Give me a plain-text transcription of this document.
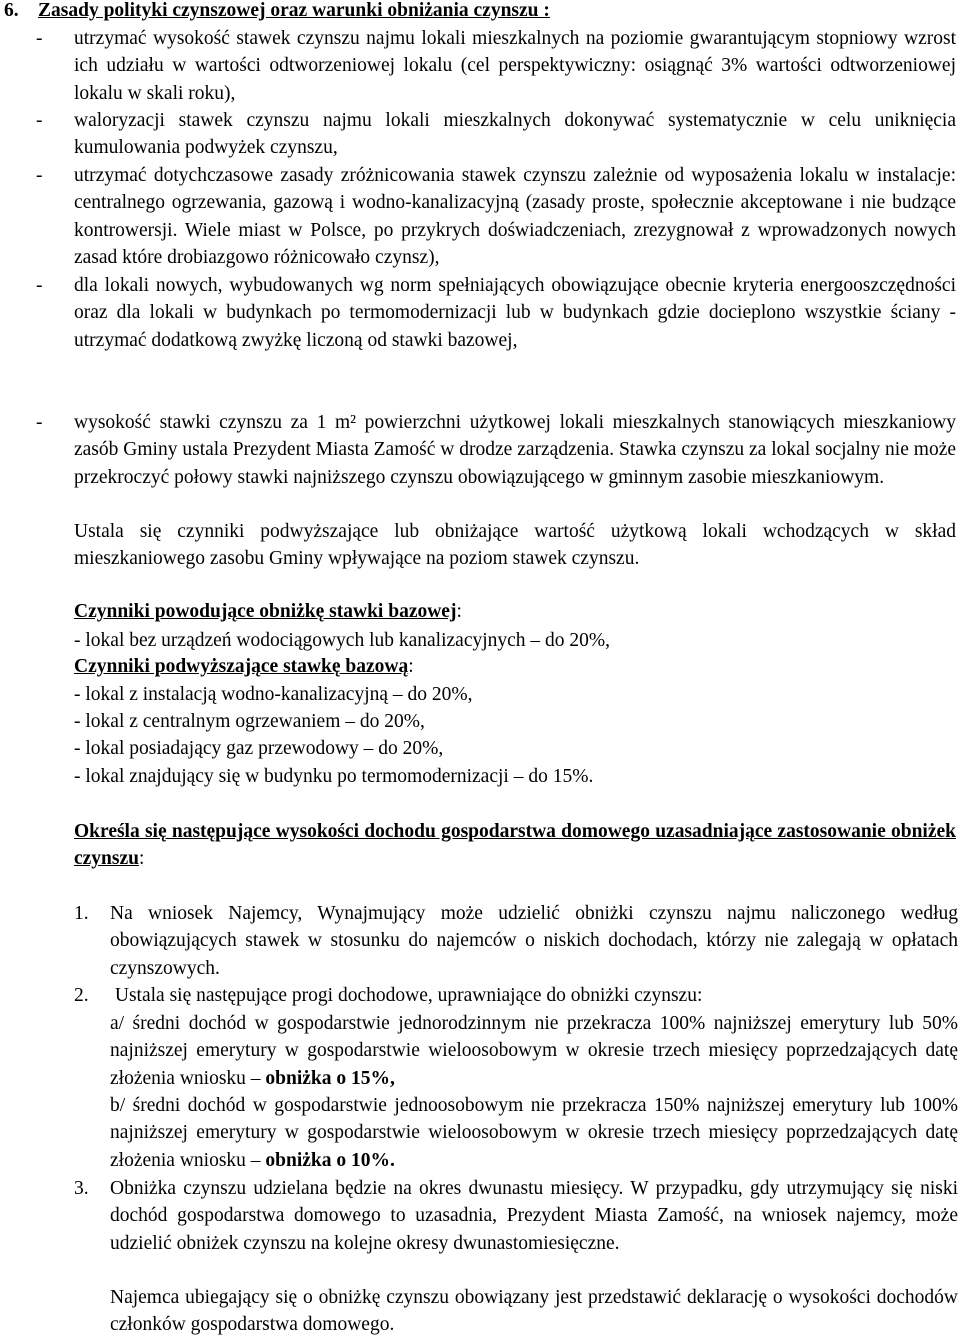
6. Zasady polityki czynszowej oraz warunki obniżania czynszu :
- utrzymać wysokość stawek czynszu najmu lokali mieszkalnych na poziomie gwarantującym stopniowy wzrost ich udziału w wartości odtworzeniowej lokalu (cel perspektywiczny: osiągnąć 3% wartości odtworzeniowej lokalu w skali roku),
- waloryzacji stawek czynszu najmu lokali mieszkalnych dokonywać systematycznie w celu uniknięcia kumulowania podwyżek czynszu,
- utrzymać dotychczasowe zasady zróżnicowania stawek czynszu zależnie od wyposażenia lokalu w instalacje: centralnego ogrzewania, gazową i wodno-kanalizacyjną (zasady proste, społecznie akceptowane i nie budzące kontrowersji. Wiele miast w Polsce, po przykrych doświadczeniach, zrezygnował z wprowadzonych nowych zasad które drobiazgowo różnicowało czynsz),
- dla lokali nowych, wybudowanych wg norm spełniających obowiązujące obecnie kryteria energooszczędności oraz dla lokali w budynkach po termomodernizacji lub w budynkach gdzie docieplono wszystkie ściany - utrzymać dodatkową zwyżkę liczoną od stawki bazowej,
- wysokość stawki czynszu za 1 m² powierzchni użytkowej lokali mieszkalnych stanowiących mieszkaniowy zasób Gminy ustala Prezydent Miasta Zamość w drodze zarządzenia. Stawka czynszu za lokal socjalny nie może przekroczyć połowy stawki najniższego czynszu obowiązującego w gminnym zasobie mieszkaniowym.
Ustala się czynniki podwyższające lub obniżające wartość użytkową lokali wchodzących w skład mieszkaniowego zasobu Gminy wpływające na poziom stawek czynszu.
Czynniki powodujące obniżkę stawki bazowej:
- lokal bez urządzeń wodociągowych lub kanalizacyjnych – do 20%,
Czynniki podwyższające stawkę bazową:
- lokal z instalacją wodno-kanalizacyjną – do 20%,
- lokal z centralnym ogrzewaniem – do 20%,
- lokal posiadający gaz przewodowy – do 20%,
- lokal znajdujący się w budynku po termomodernizacji – do 15%.
Określa się następujące wysokości dochodu gospodarstwa domowego uzasadniające zastosowanie obniżek czynszu:
1. Na wniosek Najemcy, Wynajmujący może udzielić obniżki czynszu najmu naliczonego według obowiązujących stawek w stosunku do najemców o niskich dochodach, którzy nie zalegają w opłatach czynszowych.
2. Ustala się następujące progi dochodowe, uprawniające do obniżki czynszu:
a/ średni dochód w gospodarstwie jednorodzinnym nie przekracza 100% najniższej emerytury lub 50% najniższej emerytury w gospodarstwie wieloosobowym w okresie trzech miesięcy poprzedzających datę złożenia wniosku – obniżka o 15%,
b/ średni dochód w gospodarstwie jednoosobowym nie przekracza 150% najniższej emerytury lub 100% najniższej emerytury w gospodarstwie wieloosobowym w okresie trzech miesięcy poprzedzających datę złożenia wniosku – obniżka o 10%.
3. Obniżka czynszu udzielana będzie na okres dwunastu miesięcy. W przypadku, gdy utrzymujący się niski dochód gospodarstwa domowego to uzasadnia, Prezydent Miasta Zamość, na wniosek najemcy, może udzielić obniżek czynszu na kolejne okresy dwunastomiesięczne.
Najemca ubiegający się o obniżkę czynszu obowiązany jest przedstawić deklarację o wysokości dochodów członków gospodarstwa domowego.
